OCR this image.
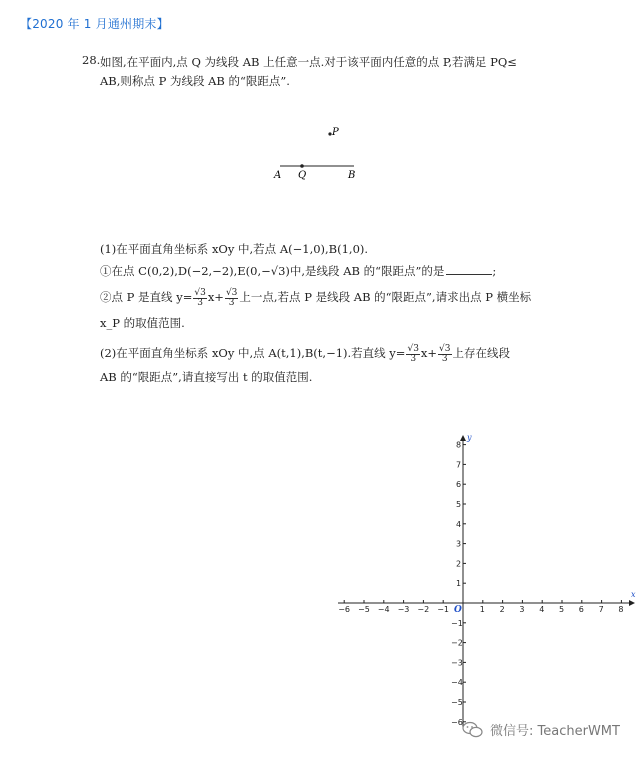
【2020 年 1 月通州期末】
28. 如图,在平面内,点 Q 为线段 AB 上任意一点.对于该平面内任意的点 P,若满足 PQ≤
AB,则称点 P 为线段 AB 的“限距点”.
P
A Q	B
(1)在平面直角坐标系 xOy 中,若点 A(−1,0),B(1,0).
①在点 C(0,2),D(−2,−2),E(0,−√3)中,是线段 AB 的“限距点”的是	;
②点 P 是直线 $y= \frac{√3}{3} x+ \frac{√3}{3}$ 上一点,若点 P 是线段 AB 的“限距点”,请求出点 P 横坐标
x_P 的取值范围.
(2)在平面直角坐标系 xOy 中,点 A(t,1),B(t,−1).若直线 $y= \frac{√3}{3} x+ \frac{√3}{3}$ 上存在线段
AB 的“限距点”,请直接写出 t 的取值范围.
x
y
O
−6 −5 −4 −3 −2 −1	1 2 3 4 5 6 7 8
−6
−5
−4
−3
−2
−1
1
2
3
4
5
6
7
8
微信号: TeacherWMT
